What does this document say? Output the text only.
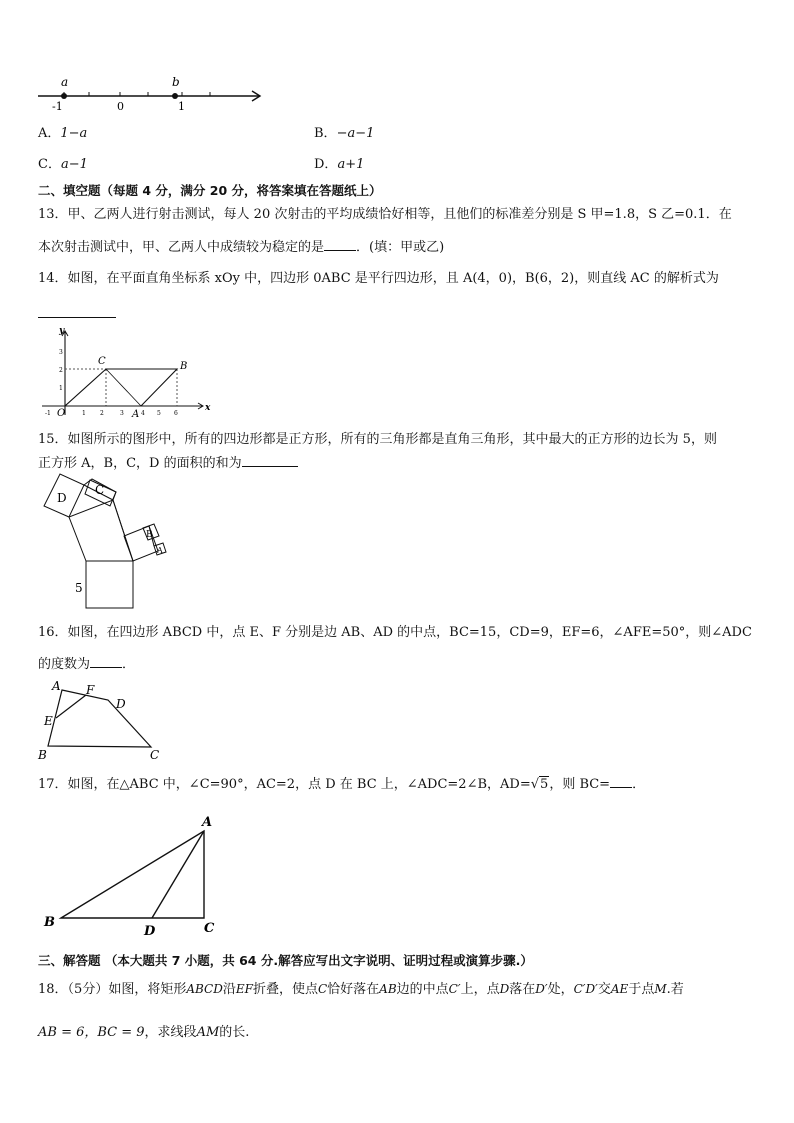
a	b
-1	0	1
A．1−a	B．−a−1
C．a−1	D．a+1
二、填空题（每题 4 分，满分 20 分，将答案填在答题纸上）
13．甲、乙两人进行射击测试，每人 20 次射击的平均成绩恰好相等，且他们的标准差分别是 S 甲=1.8，S 乙=0.1．在
本次射击测试中，甲、乙两人中成绩较为稳定的是 ．(填：甲或乙)
14．如图，在平面直角坐标系 xOy 中，四边形 0ABC 是平行四边形，且 A(4，0)，B(6，2)，则直线 AC 的解析式为
y
x
O	A
B
C
-1	1 2	3	4 5 6
1
2
3
15．如图所示的图形中，所有的四边形都是正方形，所有的三角形都是直角三角形，其中最大的正方形的边长为 5，则
正方形 A，B，C，D 的面积的和为
D
C
B
A
5
16．如图，在四边形 ABCD 中，点 E、F 分别是边 AB、AD 的中点，BC=15，CD=9，EF=6，∠AFE=50°，则∠ADC
的度数为 ．
A F
D
E
B	C
17．如图，在△ABC 中，∠C=90°，AC=2，点 D 在 BC 上，∠ADC=2∠B，AD=√5，则 BC= ．
A
B	C
D
三、解答题 （本大题共 7 小题，共 64 分.解答应写出文字说明、证明过程或演算步骤.）
18．（5分）如图，将矩形ABCD沿EF折叠，使点C恰好落在AB边的中点C′上，点D落在D′处，C′D′交AE于点M.若
AB = 6，BC = 9，求线段AM的长.
